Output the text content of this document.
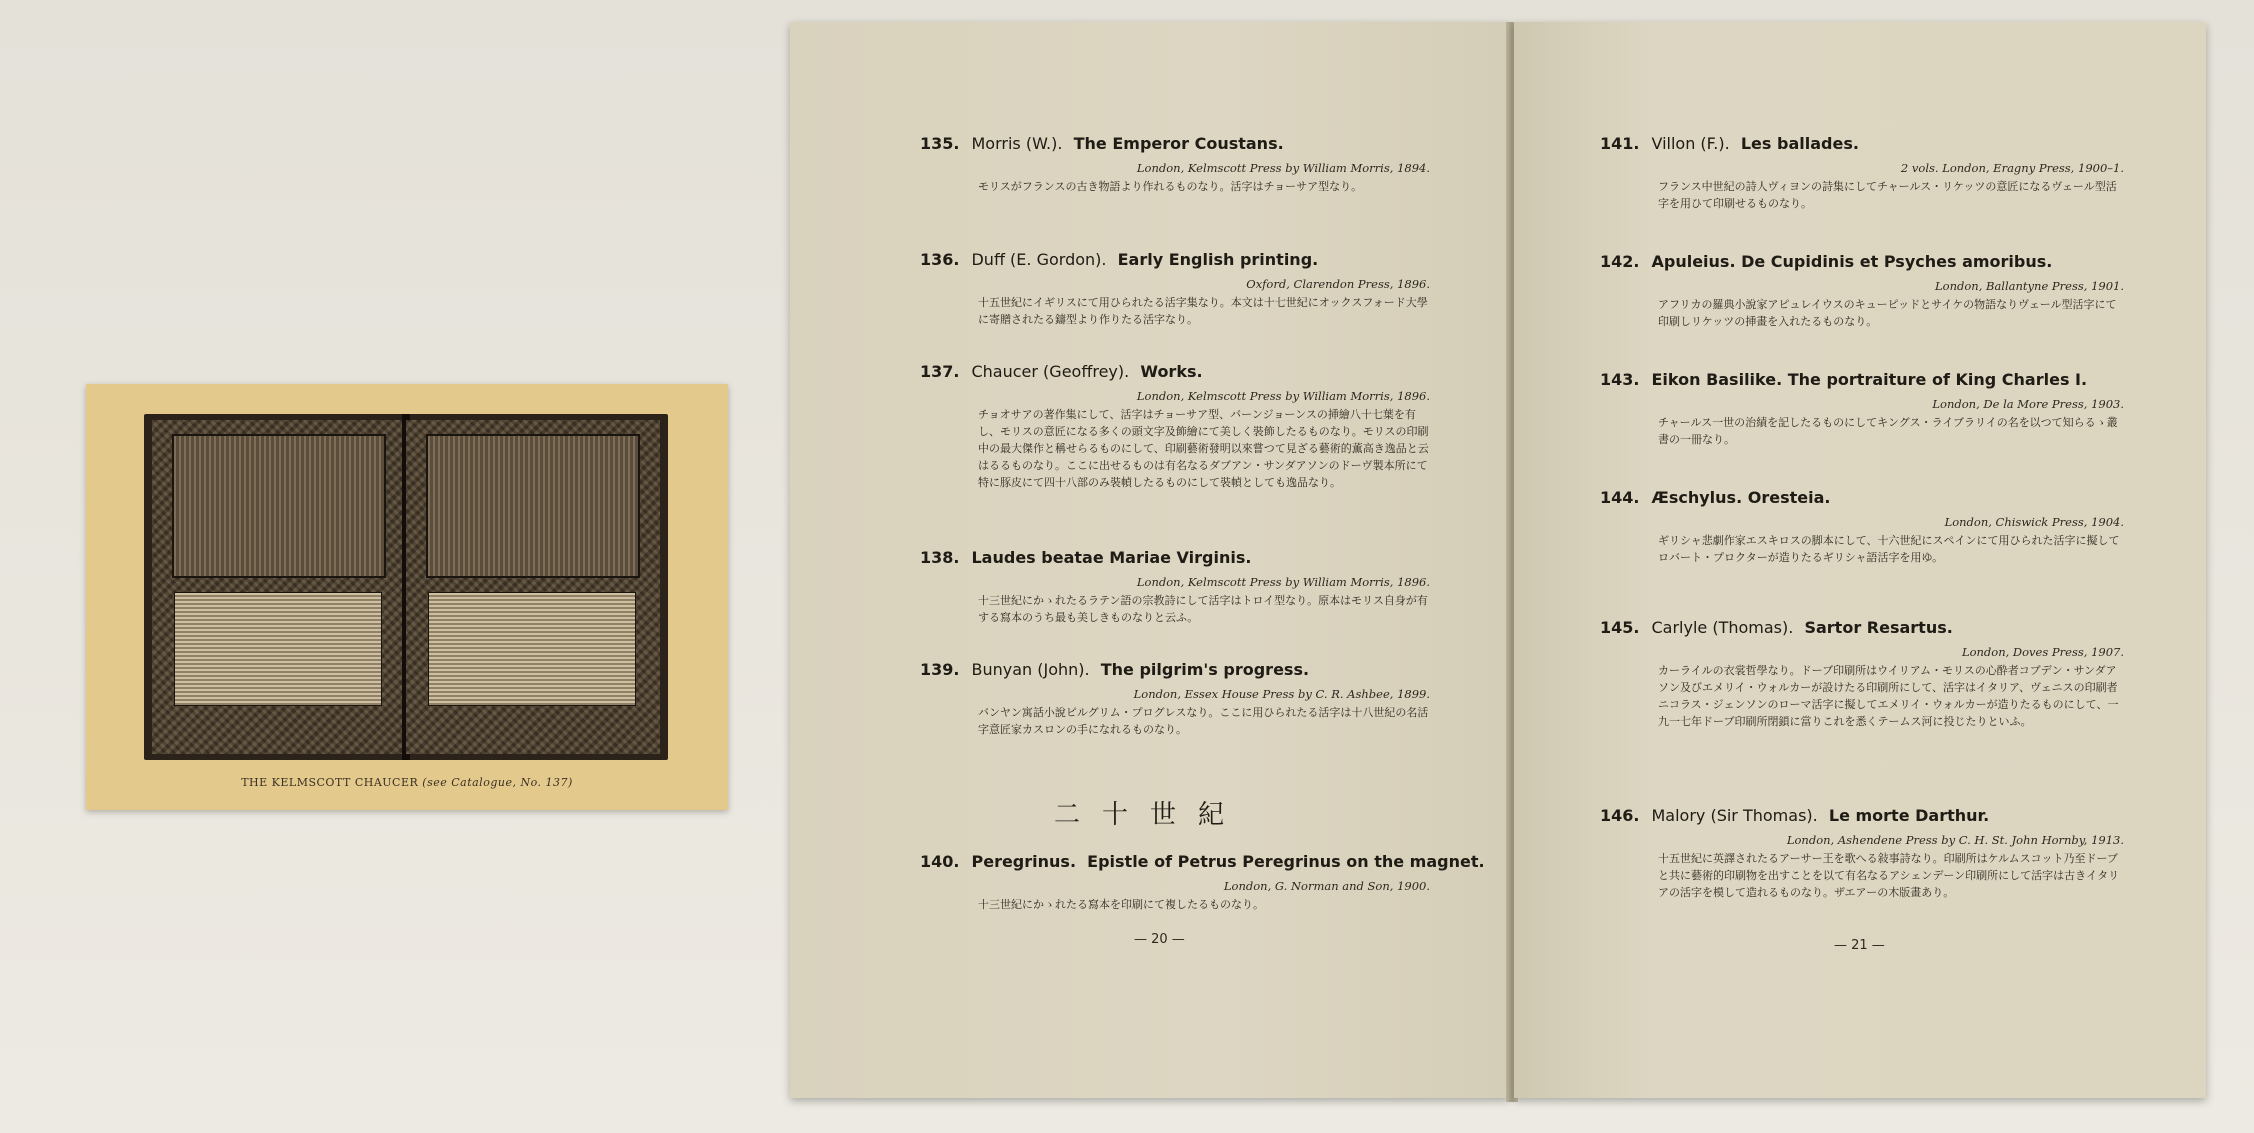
THE KELMSCOTT CHAUCER (see Catalogue, No. 137)
135. Morris (W.). The Emperor Coustans.
London, Kelmscott Press by William Morris, 1894.
モリスがフランスの古き物語より作れるものなり。活字はチョーサア型なり。
136. Duff (E. Gordon). Early English printing.
Oxford, Clarendon Press, 1896.
十五世紀にイギリスにて用ひられたる活字集なり。本文は十七世紀にオックスフォード大學に寄贈されたる鑄型より作りたる活字なり。
137. Chaucer (Geoffrey). Works.
London, Kelmscott Press by William Morris, 1896.
チョオサアの著作集にして、活字はチョーサア型、バーンジョーンスの挿繪八十七葉を有し、モリスの意匠になる多くの頭文字及飾繪にて美しく裝飾したるものなり。モリスの印刷中の最大傑作と稱せらるものにして、印刷藝術發明以來嘗つて見ざる藝術的薫高き逸品と云はるるものなり。ここに出せるものは有名なるダブアン・サンダアソンのドーヴ製本所にて特に豚皮にて四十八部のみ裝幀したるものにして裝幀としても逸品なり。
138. Laudes beatae Mariae Virginis.
London, Kelmscott Press by William Morris, 1896.
十三世紀にかゝれたるラテン語の宗教詩にして活字はトロイ型なり。原本はモリス自身が有する寫本のうち最も美しきものなりと云ふ。
139. Bunyan (John). The pilgrim's progress.
London, Essex House Press by C. R. Ashbee, 1899.
バンヤン寓話小說ピルグリム・プログレスなり。ここに用ひられたる活字は十八世紀の名活字意匠家カスロンの手になれるものなり。
二十世紀
140. Peregrinus. Epistle of Petrus Peregrinus on the magnet.
London, G. Norman and Son, 1900.
十三世紀にかゝれたる寫本を印刷にて複したるものなり。
— 20 —
141. Villon (F.). Les ballades.
2 vols. London, Eragny Press, 1900–1.
フランス中世紀の詩人ヴィヨンの詩集にしてチャールス・リケッツの意匠になるヴェール型活字を用ひて印刷せるものなり。
142. Apuleius. De Cupidinis et Psyches amoribus.
London, Ballantyne Press, 1901.
アフリカの羅典小說家アピュレイウスのキューピッドとサイケの物語なりヴェール型活字にて印刷しリケッツの挿畫を入れたるものなり。
143. Eikon Basilike. The portraiture of King Charles I.
London, De la More Press, 1903.
チャールス一世の治績を記したるものにしてキングス・ライブラリイの名を以つて知らるゝ叢書の一冊なり。
144. Æschylus. Oresteia.
London, Chiswick Press, 1904.
ギリシャ悲劇作家エスキロスの脚本にして、十六世紀にスペインにて用ひられた活字に擬してロバート・プロクターが造りたるギリシャ語活字を用ゆ。
145. Carlyle (Thomas). Sartor Resartus.
London, Doves Press, 1907.
カーライルの衣裳哲學なり。ドーブ印刷所はウイリアム・モリスの心酔者コブデン・サンダアソン及びエメリイ・ウォルカーが設けたる印刷所にして、活字はイタリア、ヴェニスの印刷者ニコラス・ジェンソンのローマ活字に擬してエメリイ・ウォルカーが造りたるものにして、一九一七年ドーブ印刷所閉鎖に當りこれを悉くテームス河に投じたりといふ。
146. Malory (Sir Thomas). Le morte Darthur.
London, Ashendene Press by C. H. St. John Hornby, 1913.
十五世紀に英譯されたるアーサー王を歌へる敍事詩なり。印刷所はケルムスコット乃至ドーブと共に藝術的印刷物を出すことを以て有名なるアシェンデーン印刷所にして活字は古きイタリアの活字を模して造れるものなり。ザエアーの木版畫あり。
— 21 —
